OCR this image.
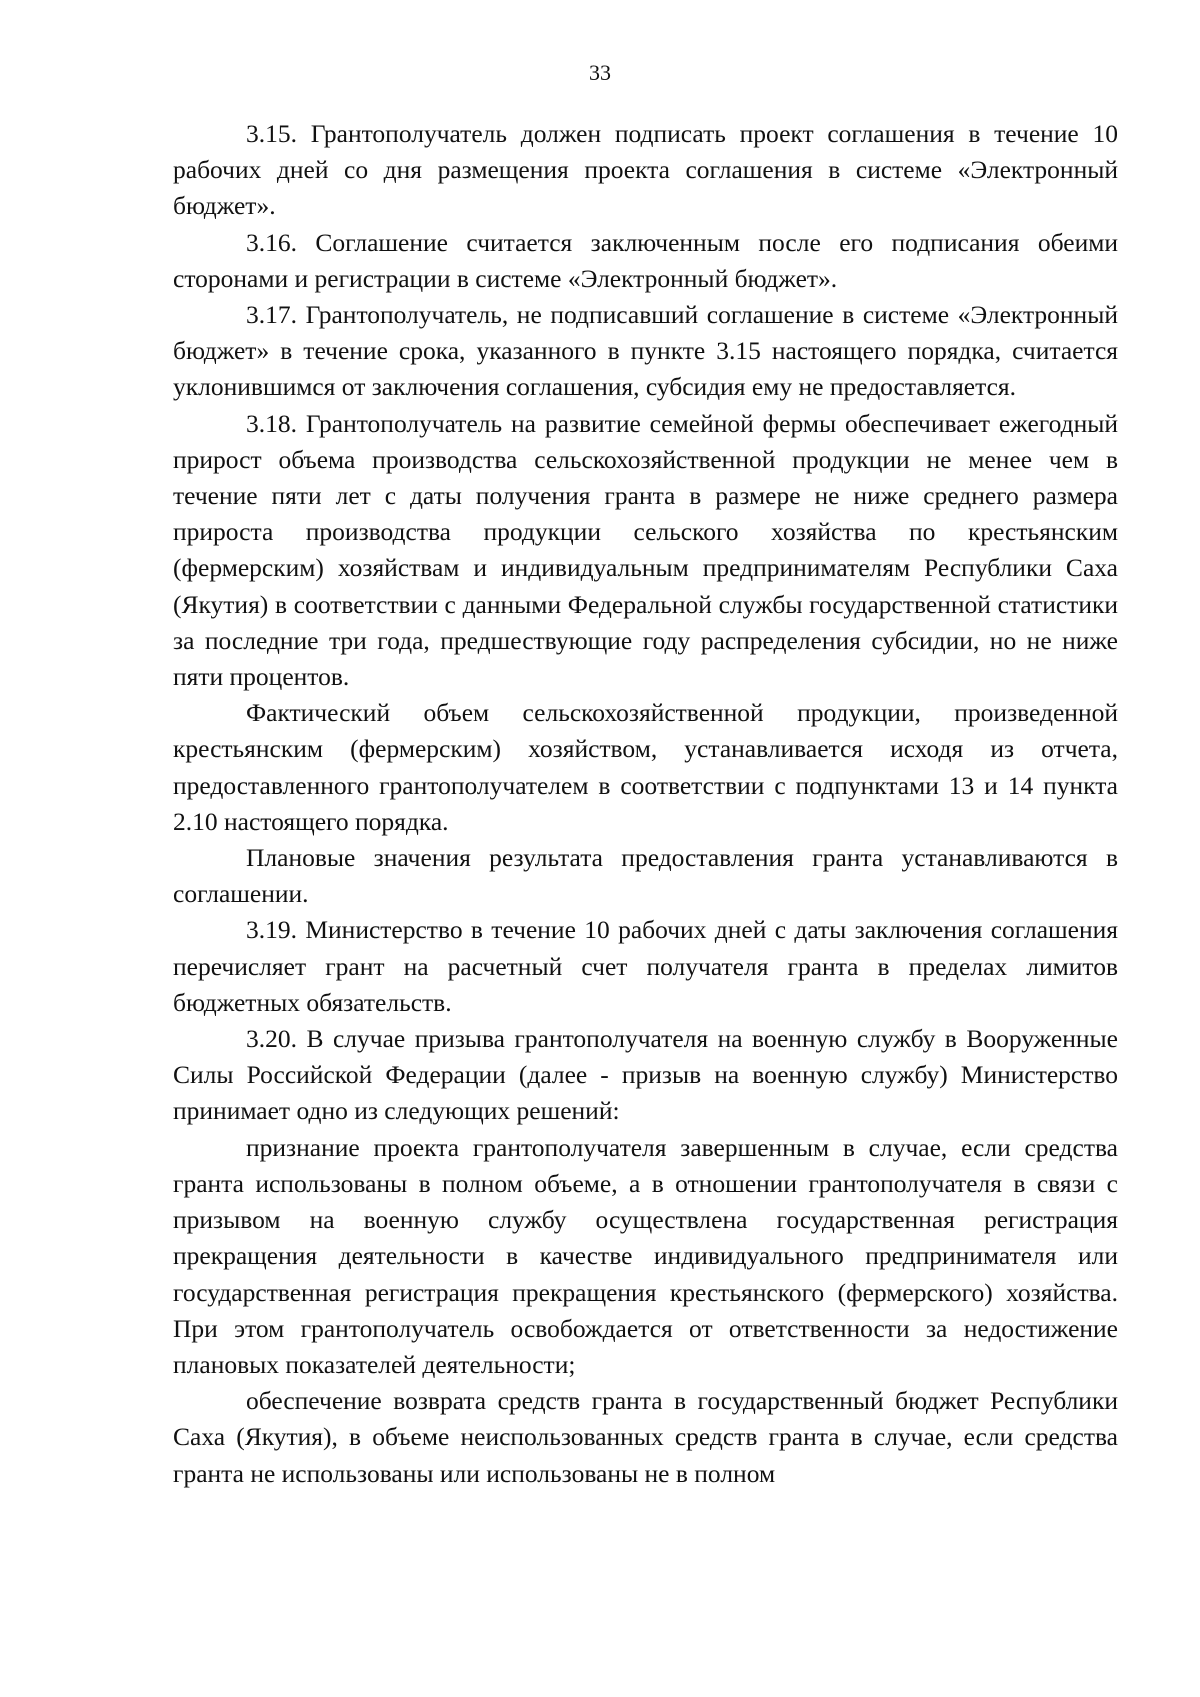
33

3.15. Грантополучатель должен подписать проект соглашения в течение 10 рабочих дней со дня размещения проекта соглашения в системе «Электронный бюджет».

3.16. Соглашение считается заключенным после его подписания обеими сторонами и регистрации в системе «Электронный бюджет».

3.17. Грантополучатель, не подписавший соглашение в системе «Электронный бюджет» в течение срока, указанного в пункте 3.15 настоящего порядка, считается уклонившимся от заключения соглашения, субсидия ему не предоставляется.

3.18. Грантополучатель на развитие семейной фермы обеспечивает ежегодный прирост объема производства сельскохозяйственной продукции не менее чем в течение пяти лет с даты получения гранта в размере не ниже среднего размера прироста производства продукции сельского хозяйства по крестьянским (фермерским) хозяйствам и индивидуальным предпринимателям Республики Саха (Якутия) в соответствии с данными Федеральной службы государственной статистики за последние три года, предшествующие году распределения субсидии, но не ниже пяти процентов.

Фактический объем сельскохозяйственной продукции, произведенной крестьянским (фермерским) хозяйством, устанавливается исходя из отчета, предоставленного грантополучателем в соответствии с подпунктами 13 и 14 пункта 2.10 настоящего порядка.

Плановые значения результата предоставления гранта устанавливаются в соглашении.

3.19. Министерство в течение 10 рабочих дней с даты заключения соглашения перечисляет грант на расчетный счет получателя гранта в пределах лимитов бюджетных обязательств.

3.20. В случае призыва грантополучателя на военную службу в Вооруженные Силы Российской Федерации (далее - призыв на военную службу) Министерство принимает одно из следующих решений:

признание проекта грантополучателя завершенным в случае, если средства гранта использованы в полном объеме, а в отношении грантополучателя в связи с призывом на военную службу осуществлена государственная регистрация прекращения деятельности в качестве индивидуального предпринимателя или государственная регистрация прекращения крестьянского (фермерского) хозяйства. При этом грантополучатель освобождается от ответственности за недостижение плановых показателей деятельности;

обеспечение возврата средств гранта в государственный бюджет Республики Саха (Якутия), в объеме неиспользованных средств гранта в случае, если средства гранта не использованы или использованы не в полном
